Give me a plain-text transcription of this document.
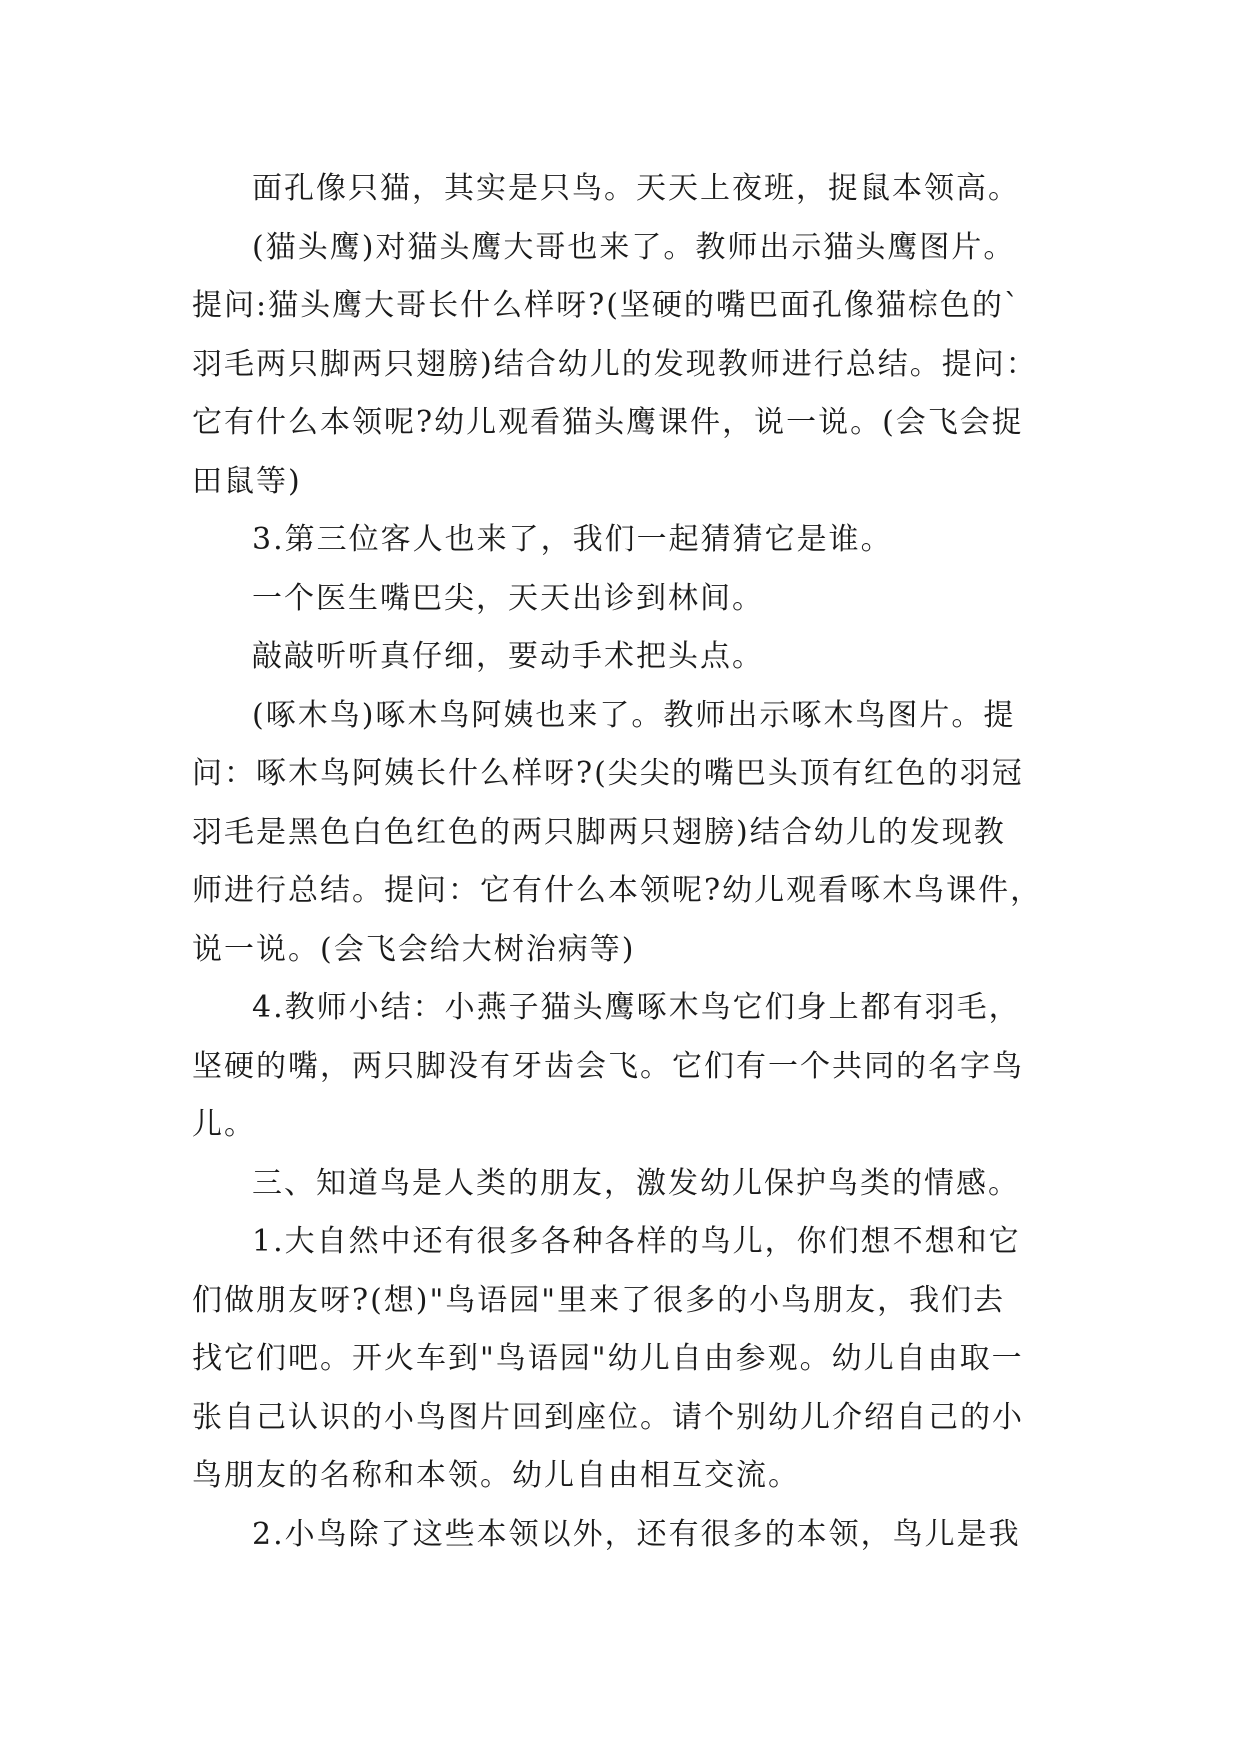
面孔像只猫，其实是只鸟。天天上夜班，捉鼠本领高。
(猫头鹰)对猫头鹰大哥也来了。教师出示猫头鹰图片。
提问:猫头鹰大哥长什么样呀?(坚硬的嘴巴面孔像猫棕色的`
羽毛两只脚两只翅膀)结合幼儿的发现教师进行总结。提问：
它有什么本领呢?幼儿观看猫头鹰课件，说一说。(会飞会捉
田鼠等)
3.第三位客人也来了，我们一起猜猜它是谁。
一个医生嘴巴尖，天天出诊到林间。
敲敲听听真仔细，要动手术把头点。
(啄木鸟)啄木鸟阿姨也来了。教师出示啄木鸟图片。提
问：啄木鸟阿姨长什么样呀?(尖尖的嘴巴头顶有红色的羽冠
羽毛是黑色白色红色的两只脚两只翅膀)结合幼儿的发现教
师进行总结。提问：它有什么本领呢?幼儿观看啄木鸟课件，
说一说。(会飞会给大树治病等)
4.教师小结：小燕子猫头鹰啄木鸟它们身上都有羽毛，
坚硬的嘴，两只脚没有牙齿会飞。它们有一个共同的名字鸟
儿。
三、知道鸟是人类的朋友，激发幼儿保护鸟类的情感。
1.大自然中还有很多各种各样的鸟儿，你们想不想和它
们做朋友呀?(想)"鸟语园"里来了很多的小鸟朋友，我们去
找它们吧。开火车到"鸟语园"幼儿自由参观。幼儿自由取一
张自己认识的小鸟图片回到座位。请个别幼儿介绍自己的小
鸟朋友的名称和本领。幼儿自由相互交流。
2.小鸟除了这些本领以外，还有很多的本领，鸟儿是我
